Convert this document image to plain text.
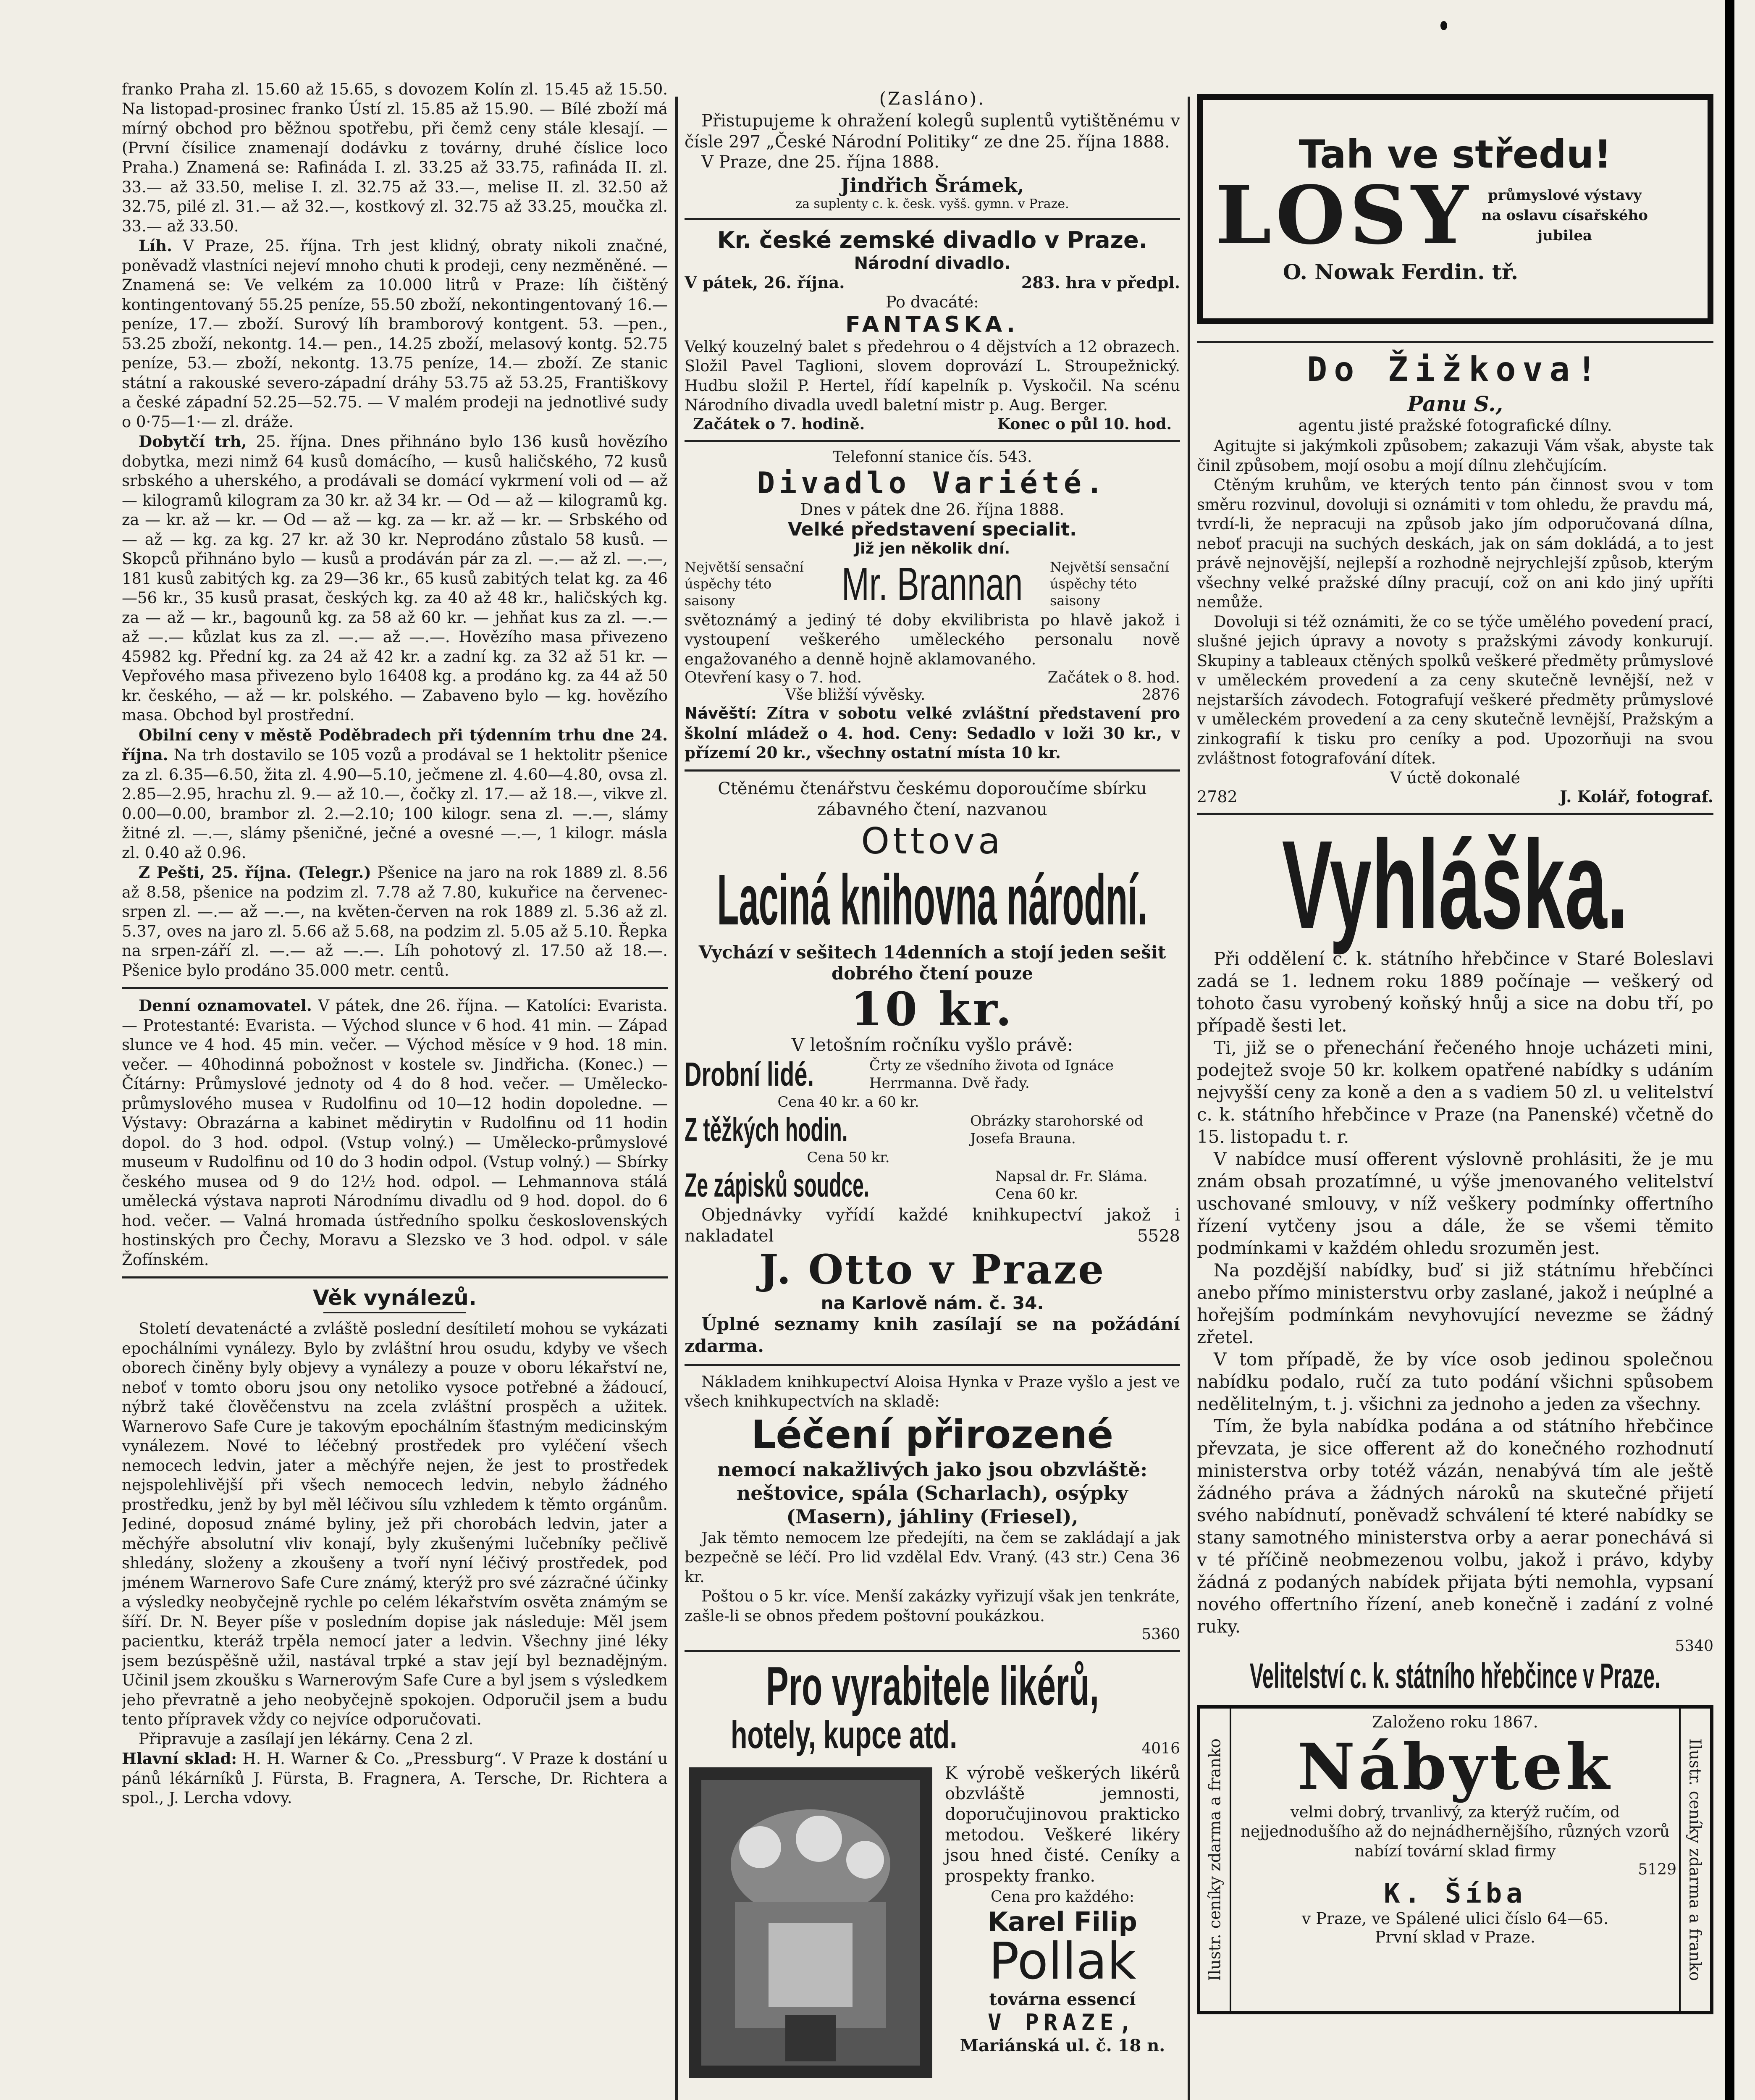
franko Praha zl. 15.60 až 15.65, s dovozem Kolín zl. 15.45 až 15.50. Na listopad-prosinec franko Ústí zl. 15.85 až 15.90. — Bílé zboží má mírný obchod pro běžnou spotřebu, při čemž ceny stále klesají. — (První čísilice znamenají dodávku z továrny, druhé číslice loco Praha.) Znamená se: Rafináda I. zl. 33.25 až 33.75, rafináda II. zl. 33.— až 33.50, melise I. zl. 32.75 až 33.—, melise II. zl. 32.50 až 32.75, pilé zl. 31.— až 32.—, kostkový zl. 32.75 až 33.25, moučka zl. 33.— až 33.50.

Líh. V Praze, 25. října. Trh jest klidný, obraty nikoli značné, poněvadž vlastníci nejeví mnoho chuti k prodeji, ceny nezměněné. — Znamená se: Ve velkém za 10.000 litrů v Praze: líh čištěný kontingentovaný 55.25 peníze, 55.50 zboží, nekontingentovaný 16.— peníze, 17.— zboží. Surový líh bramborový kontgent. 53. —pen., 53.25 zboží, nekontg. 14.— pen., 14.25 zboží, melasový kontg. 52.75 peníze, 53.— zboží, nekontg. 13.75 peníze, 14.— zboží. Ze stanic státní a rakouské severo-západní dráhy 53.75 až 53.25, Františkovy a české západní 52.25—52.75. — V malém prodeji na jednotlivé sudy o 0·75—1·— zl. dráže.

Dobytčí trh, 25. října. Dnes přihnáno bylo 136 kusů hovězího dobytka, mezi nimž 64 kusů domácího, — kusů haličského, 72 kusů srbského a uherského, a prodávali se domácí vykrmení voli od — až — kilogramů kilogram za 30 kr. až 34 kr. — Od — až — kilogramů kg. za — kr. až — kr. — Od — až — kg. za — kr. až — kr. — Srbského od — až — kg. za kg. 27 kr. až 30 kr. Neprodáno zůstalo 58 kusů. — Skopců přihnáno bylo — kusů a prodáván pár za zl. —.— až zl. —.—, 181 kusů zabitých kg. za 29—36 kr., 65 kusů zabitých telat kg. za 46—56 kr., 35 kusů prasat, českých kg. za 40 až 48 kr., haličských kg. za — až — kr., bagounů kg. za 58 až 60 kr. — jehňat kus za zl. —.— až —.— kůzlat kus za zl. —.— až —.—. Hovězího masa přivezeno 45982 kg. Přední kg. za 24 až 42 kr. a zadní kg. za 32 až 51 kr. — Vepřového masa přivezeno bylo 16408 kg. a prodáno kg. za 44 až 50 kr. českého, — až — kr. polského. — Zabaveno bylo — kg. hovězího masa. Obchod byl prostřední.

Obilní ceny v městě Poděbradech při týdenním trhu dne 24. října. Na trh dostavilo se 105 vozů a prodával se 1 hektolitr pšenice za zl. 6.35—6.50, žita zl. 4.90—5.10, ječmene zl. 4.60—4.80, ovsa zl. 2.85—2.95, hrachu zl. 9.— až 10.—, čočky zl. 17.— až 18.—, vikve zl. 0.00—0.00, brambor zl. 2.—2.10; 100 kilogr. sena zl. —.—, slámy žitné zl. —.—, slámy pšeničné, ječné a ovesné —.—, 1 kilogr. másla zl. 0.40 až 0.96.

Z Pešti, 25. října. (Telegr.) Pšenice na jaro na rok 1889 zl. 8.56 až 8.58, pšenice na podzim zl. 7.78 až 7.80, kukuřice na červenec-srpen zl. —.— až —.—, na květen-červen na rok 1889 zl. 5.36 až zl. 5.37, oves na jaro zl. 5.66 až 5.68, na podzim zl. 5.05 až 5.10. Řepka na srpen-září zl. —.— až —.—. Líh pohotový zl. 17.50 až 18.—. Pšenice bylo prodáno 35.000 metr. centů.

Denní oznamovatel. V pátek, dne 26. října. — Katolíci: Evarista. — Protestanté: Evarista. — Východ slunce v 6 hod. 41 min. — Západ slunce ve 4 hod. 45 min. večer. — Východ měsíce v 9 hod. 18 min. večer. — 40hodinná pobožnost v kostele sv. Jindřicha. (Konec.) — Čítárny: Průmyslové jednoty od 4 do 8 hod. večer. — Umělecko-průmyslového musea v Rudolfinu od 10—12 hodin dopoledne. — Výstavy: Obrazárna a kabinet mědirytin v Rudolfinu od 11 hodin dopol. do 3 hod. odpol. (Vstup volný.) — Umělecko-průmyslové museum v Rudolfinu od 10 do 3 hodin odpol. (Vstup volný.) — Sbírky českého musea od 9 do 12½ hod. odpol. — Lehmannova stálá umělecká výstava naproti Národnímu divadlu od 9 hod. dopol. do 6 hod. večer. — Valná hromada ústředního spolku československých hostinských pro Čechy, Moravu a Slezsko ve 3 hod. odpol. v sále Žofínském.

Věk vynálezů.

Století devatenácté a zvláště poslední desítiletí mohou se vykázati epochálními vynálezy. Bylo by zvláštní hrou osudu, kdyby ve všech oborech činěny byly objevy a vynálezy a pouze v oboru lékařství ne, neboť v tomto oboru jsou ony netoliko vysoce potřebné a žádoucí, nýbrž také člověčenstvu na zcela zvláštní prospěch a užitek. Warnerovo Safe Cure je takovým epochálním šťastným medicinským vynálezem. Nové to léčebný prostředek pro vyléčení všech nemocech ledvin, jater a měchýře nejen, že jest to prostředek nejspolehlivější při všech nemocech ledvin, nebylo žádného prostředku, jenž by byl měl léčivou sílu vzhledem k těmto orgánům. Jediné, doposud známé byliny, jež při chorobách ledvin, jater a měchýře absolutní vliv konají, byly zkušenými lučebníky pečlivě shledány, složeny a zkoušeny a tvoří nyní léčivý prostředek, pod jménem Warnerovo Safe Cure známý, kterýž pro své zázračné účinky a výsledky neobyčejně rychle po celém lékařstvím osvěta známým se šíří. Dr. N. Beyer píše v posledním dopise jak následuje: Měl jsem pacientku, kteráž trpěla nemocí jater a ledvin. Všechny jiné léky jsem bezúspěšně užil, nastával trpké a stav její byl beznadějným. Učinil jsem zkoušku s Warnerovým Safe Cure a byl jsem s výsledkem jeho převratně a jeho neobyčejně spokojen. Odporučil jsem a budu tento přípravek vždy co nejvíce odporučovati.

Připravuje a zasílají jen lékárny. Cena 2 zl.

Hlavní sklad: H. H. Warner & Co. „Pressburg“. V Praze k dostání u pánů lékárníků J. Fürsta, B. Fragnera, A. Tersche, Dr. Richtera a spol., J. Lercha vdovy.

(Zasláno).

Přistupujeme k ohražení kolegů suplentů vytištěnému v čísle 297 „České Národní Politiky“ ze dne 25. října 1888.

V Praze, dne 25. října 1888.

Jindřich Šrámek,

za suplenty c. k. česk. vyšš. gymn. v Praze.

Kr. české zemské divadlo v Praze.

Národní divadlo.

V pátek, 26. října.	283. hra v předpl.

Po dvacáté:

FANTASKA.

Velký kouzelný balet s předehrou o 4 dějstvích a 12 obrazech. Složil Pavel Taglioni, slovem doprovází L. Stroupežnický. Hudbu složil P. Hertel, řídí kapelník p. Vyskočil. Na scénu Národního divadla uvedl baletní mistr p. Aug. Berger.

Začátek o 7. hodině.	Konec o půl 10. hod.

Telefonní stanice čís. 543.

Divadlo Variété.

Dnes v pátek dne 26. října 1888.

Velké představení specialit.

Již jen několik dní.

Největší sensační úspěchy této saisony	Mr. Brannan Největší sensační úspěchy této saisony

světoznámý a jediný té doby ekvilibrista po hlavě jakož i vystoupení veškerého uměleckého personalu nově engažovaného a denně hojně aklamovaného.

Otevření kasy o 7. hod.	Začátek o 8. hod.
Vše bližší vývěsky.	2876

Návěští: Zítra v sobotu velké zvláštní představení pro školní mládež o 4. hod. Ceny: Sedadlo v loži 30 kr., v přízemí 20 kr., všechny ostatní místa 10 kr.

Ctěnému čtenářstvu českému doporoučíme sbírku zábavného čtení, nazvanou

Ottova

Laciná knihovna národní.

Vychází v sešitech 14denních a stojí jeden sešit dobrého čtení pouze

10 kr.

V letošním ročníku vyšlo právě:

Drobní lidé.	Črty ze všedního života od Ignáce Herrmanna. Dvě řady.

Cena 40 kr. a 60 kr.

Z těžkých hodin.	Obrázky starohorské od Josefa Brauna.

Cena 50 kr.

Ze zápisků soudce.	Napsal dr. Fr. Sláma. Cena 60 kr.

Objednávky vyřídí každé knihkupectví jakož i nakladatel	5528

J. Otto v Praze

na Karlově nám. č. 34.

Úplné seznamy knih zasílají se na požádání zdarma.

Nákladem knihkupectví Aloisa Hynka v Praze vyšlo a jest ve všech knihkupectvích na skladě:

Léčení přirozené

nemocí nakažlivých jako jsou obzvláště: neštovice, spála (Scharlach), osýpky (Masern), jáhliny (Friesel),

Jak těmto nemocem lze předejíti, na čem se zakládají a jak bezpečně se léčí. Pro lid vzdělal Edv. Vraný. (43 str.) Cena 36 kr.

Poštou o 5 kr. více. Menší zakázky vyřizují však jen tenkráte, zašle-li se obnos předem poštovní poukázkou.

5360

Pro vyrabitele likérů,
hotely, kupce atd.	4016

K výrobě veškerých likérů obzvláště jemnosti, doporučujinovou prakticko metodou. Veškeré likéry jsou hned čisté. Ceníky a prospekty franko.

Cena pro každého:

Karel Filip

Pollak

továrna essencí

V PRAZE,

Mariánská ul. č. 18 n.

Tah ve středu!

LOSY	průmyslové výstavy na oslavu císařského jubilea

O. Nowak Ferdin. tř.

Do Žižkova!

Panu S.,

agentu jisté pražské fotografické dílny.

Agitujte si jakýmkoli způsobem; zakazuji Vám však, abyste tak činil způsobem, mojí osobu a mojí dílnu zlehčujícím.

Ctěným kruhům, ve kterých tento pán činnost svou v tom směru rozvinul, dovoluji si oznámiti v tom ohledu, že pravdu má, tvrdí-li, že nepracuji na způsob jako jím odporučovaná dílna, neboť pracuji na suchých deskách, jak on sám dokládá, a to jest právě nejnovější, nejlepší a rozhodně nejrychlejší způsob, kterým všechny velké pražské dílny pracují, což on ani kdo jiný upříti nemůže.

Dovoluji si též oznámiti, že co se týče umělého povedení prací, slušné jejich úpravy a novoty s pražskými závody konkurují. Skupiny a tableaux ctěných spolků veškeré předměty průmyslové v uměleckém provedení a za ceny skutečně levnější, než v nejstarších závodech. Fotografují veškeré předměty průmyslové v uměleckém provedení a za ceny skutečně levnější, Pražským a zinkografií k tisku pro ceníky a pod. Upozorňuji na svou zvláštnost fotografování dítek.

V úctě dokonalé

2782	J. Kolář, fotograf.
Vyhláška.

Při oddělení c. k. státního hřebčince v Staré Boleslavi zadá se 1. lednem roku 1889 počínaje — veškerý od tohoto času vyrobený koňský hnůj a sice na dobu tří, po případě šesti let.

Ti, již se o přenechání řečeného hnoje ucházeti mini, podejtež svoje 50 kr. kolkem opatřené nabídky s udáním nejvyšší ceny za koně a den a s vadiem 50 zl. u velitelství c. k. státního hřebčince v Praze (na Panenské) včetně do 15. listopadu t. r.

V nabídce musí offerent výslovně prohlásiti, že je mu znám obsah prozatímné, u výše jmenovaného velitelství uschované smlouvy, v níž veškery podmínky offertního řízení vytčeny jsou a dále, že se všemi těmito podmínkami v každém ohledu srozuměn jest.

Na pozdější nabídky, buď si již státnímu hřebčínci anebo přímo ministerstvu orby zaslané, jakož i neúplné a hořejším podmínkám nevyhovující nevezme se žádný zřetel.

V tom případě, že by více osob jedinou společnou nabídku podalo, ručí za tuto podání všichni spůsobem nedělitelným, t. j. všichni za jednoho a jeden za všechny.

Tím, že byla nabídka podána a od státního hřebčince převzata, je sice offerent až do konečného rozhodnutí ministerstva orby totéž vázán, nenabývá tím ale ještě žádného práva a žádných nároků na skutečné přijetí svého nabídnutí, poněvadž schválení té které nabídky se stany samotného ministerstva orby a aerar ponechává si v té příčině neobmezenou volbu, jakož i právo, kdyby žádná z podaných nabídek přijata býti nemohla, vypsaní nového offertního řízení, aneb konečně i zadání z volné ruky.

5340

Velitelství c. k. státního hřebčince v Praze.
Ilustr. ceníky zdarma a franko	Ilustr. ceníky zdarma a franko

Založeno roku 1867.

Nábytek

velmi dobrý, trvanlivý, za kterýž ručím, od nejjednodušího až do nejnádhernějšího, různých vzorů nabízí tovární sklad firmy

5129

K. Šíba

v Praze, ve Spálené ulici číslo 64—65.

První sklad v Praze.
